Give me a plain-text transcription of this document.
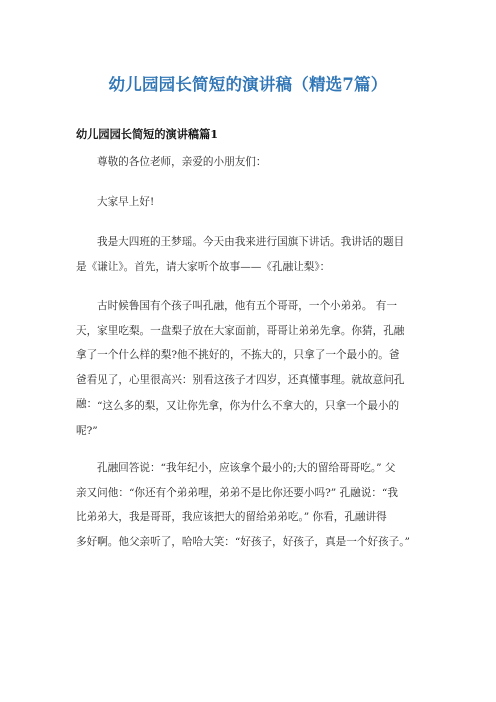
幼儿园园长简短的演讲稿（精选7篇）
幼儿园园长简短的演讲稿篇1

尊敬的各位老师，亲爱的小朋友们：

大家早上好!

我是大四班的王梦瑶。今天由我来进行国旗下讲话。我讲话的题目
是《谦让》。首先，请大家听个故事——《孔融让梨》：

古时候鲁国有个孩子叫孔融，他有五个哥哥，一个小弟弟。 有一
天，家里吃梨。一盘梨子放在大家面前，哥哥让弟弟先拿。你猜，孔融
拿了一个什么样的梨?他不挑好的，不拣大的，只拿了一个最小的。爸
爸看见了，心里很高兴：别看这孩子才四岁，还真懂事理。就故意问孔
融： “这么多的梨，又让你先拿，你为什么不拿大的，只拿一个最小的
呢?”

孔融回答说：“我年纪小，应该拿个最小的;大的留给哥哥吃。” 父
亲又问他：“你还有个弟弟哩，弟弟不是比你还要小吗?” 孔融说：“我
比弟弟大，我是哥哥，我应该把大的留给弟弟吃。” 你看，孔融讲得
多好啊。他父亲听了，哈哈大笑：“好孩子，好孩子，真是一个好孩子。”
